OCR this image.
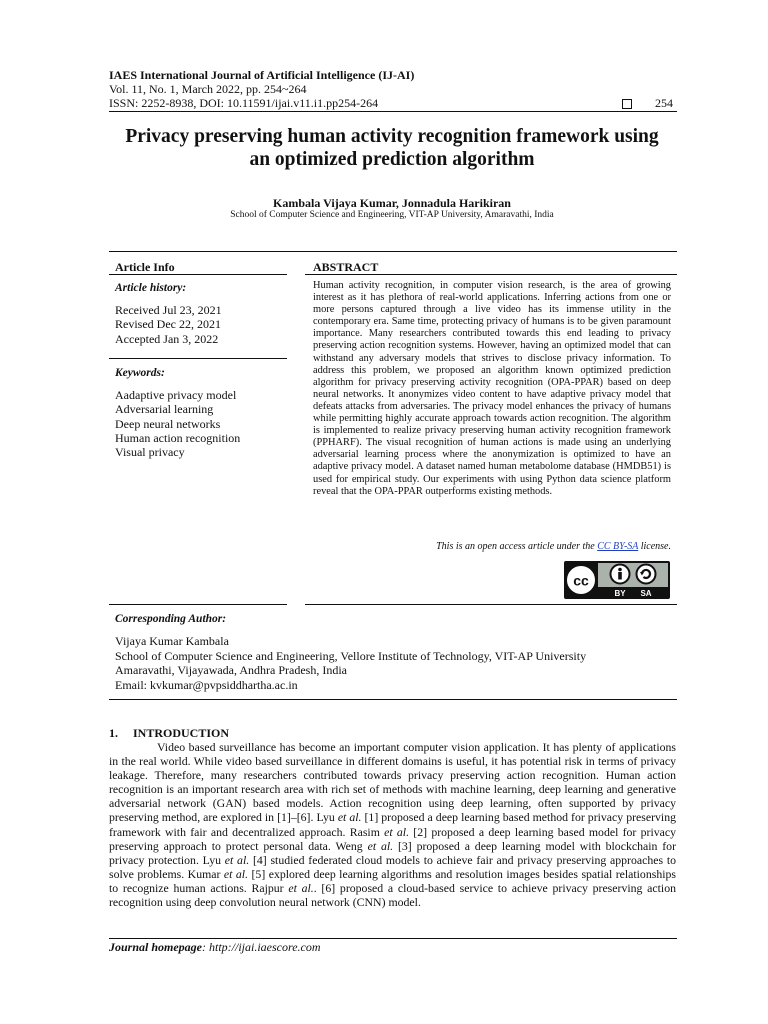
IAES International Journal of Artificial Intelligence (IJ-AI)
Vol. 11, No. 1, March 2022, pp. 254~264
ISSN: 2252-8938, DOI: 10.11591/ijai.v11.i1.pp254-264	254
Privacy preserving human activity recognition framework using
an optimized prediction algorithm
Kambala Vijaya Kumar, Jonnadula Harikiran
School of Computer Science and Engineering, VIT-AP University, Amaravathi, India
Article Info	ABSTRACT
Article history:
Received Jul 23, 2021
Revised Dec 22, 2021
Accepted Jan 3, 2022
Keywords:
Aadaptive privacy model
Adversarial learning
Deep neural networks
Human action recognition
Visual privacy
Human activity recognition, in computer vision research, is the area of growing interest as it has plethora of real-world applications. Inferring actions from one or more persons captured through a live video has its immense utility in the contemporary era. Same time, protecting privacy of humans is to be given paramount importance. Many researchers contributed towards this end leading to privacy preserving action recognition systems. However, having an optimized model that can withstand any adversary models that strives to disclose privacy information. To address this problem, we proposed an algorithm known optimized prediction algorithm for privacy preserving activity recognition (OPA-PPAR) based on deep neural networks. It anonymizes video content to have adaptive privacy model that defeats attacks from adversaries. The privacy model enhances the privacy of humans while permitting highly accurate approach towards action recognition. The algorithm is implemented to realize privacy preserving human activity recognition framework (PPHARF). The visual recognition of human actions is made using an underlying adversarial learning process where the anonymization is optimized to have an adaptive privacy model. A dataset named human metabolome database (HMDB51) is used for empirical study. Our experiments with using Python data science platform reveal that the OPA-PPAR outperforms existing methods.
This is an open access article under the CC BY-SA license.
cc
BY SA
Corresponding Author:
Vijaya Kumar Kambala
School of Computer Science and Engineering, Vellore Institute of Technology, VIT-AP University
Amaravathi, Vijayawada, Andhra Pradesh, India
Email: kvkumar@pvpsiddhartha.ac.in
1.     INTRODUCTION
Video based surveillance has become an important computer vision application. It has plenty of applications in the real world. While video based surveillance in different domains is useful, it has potential risk in terms of privacy leakage. Therefore, many researchers contributed towards privacy preserving action recognition. Human action recognition is an important research area with rich set of methods with machine learning, deep learning and generative adversarial network (GAN) based models. Action recognition using deep learning, often supported by privacy preserving method, are explored in [1]–[6]. Lyu et al. [1] proposed a deep learning based method for privacy preserving framework with fair and decentralized approach. Rasim et al. [2] proposed a deep learning based model for privacy preserving approach to protect personal data. Weng et al. [3] proposed a deep learning model with blockchain for privacy protection. Lyu et al. [4] studied federated cloud models to achieve fair and privacy preserving approaches to solve problems. Kumar et al. [5] explored deep learning algorithms and resolution images besides spatial relationships to recognize human actions. Rajpur et al.. [6] proposed a cloud-based service to achieve privacy preserving action recognition using deep convolution neural network (CNN) model.
Journal homepage: http://ijai.iaescore.com
